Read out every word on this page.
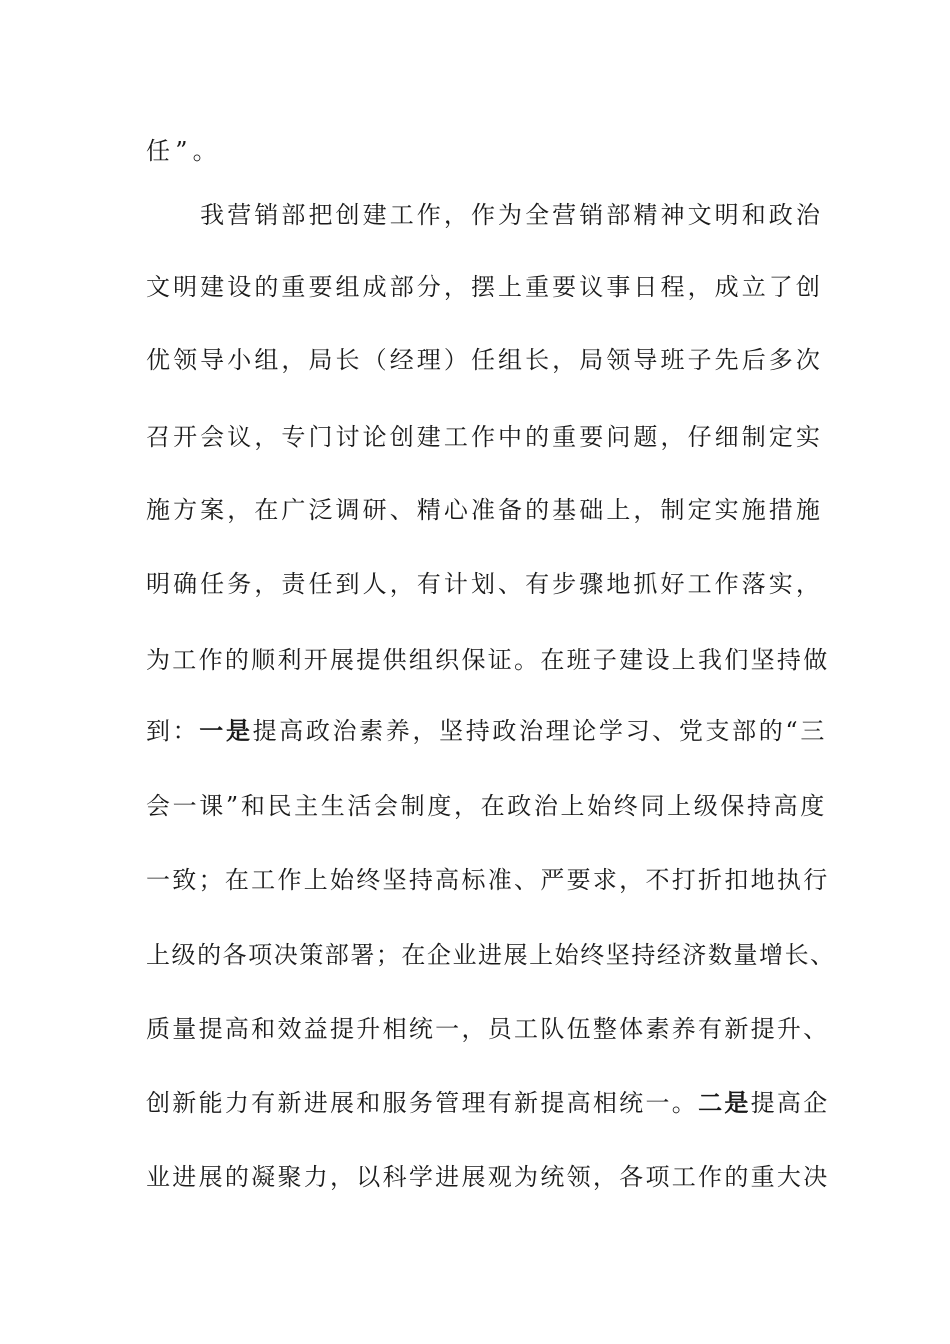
任”。
　　我营销部把创建工作，作为全营销部精神文明和政治
文明建设的重要组成部分，摆上重要议事日程，成立了创
优领导小组，局长（经理）任组长，局领导班子先后多次
召开会议，专门讨论创建工作中的重要问题，仔细制定实
施方案，在广泛调研、精心准备的基础上，制定实施措施
明确任务，责任到人，有计划、有步骤地抓好工作落实，
为工作的顺利开展提供组织保证。在班子建设上我们坚持做
到：一是提高政治素养，坚持政治理论学习、党支部的“三
会一课”和民主生活会制度，在政治上始终同上级保持高度
一致；在工作上始终坚持高标准、严要求，不打折扣地执行
上级的各项决策部署；在企业进展上始终坚持经济数量增长、
质量提高和效益提升相统一，员工队伍整体素养有新提升、
创新能力有新进展和服务管理有新提高相统一。二是提高企
业进展的凝聚力，以科学进展观为统领，各项工作的重大决
